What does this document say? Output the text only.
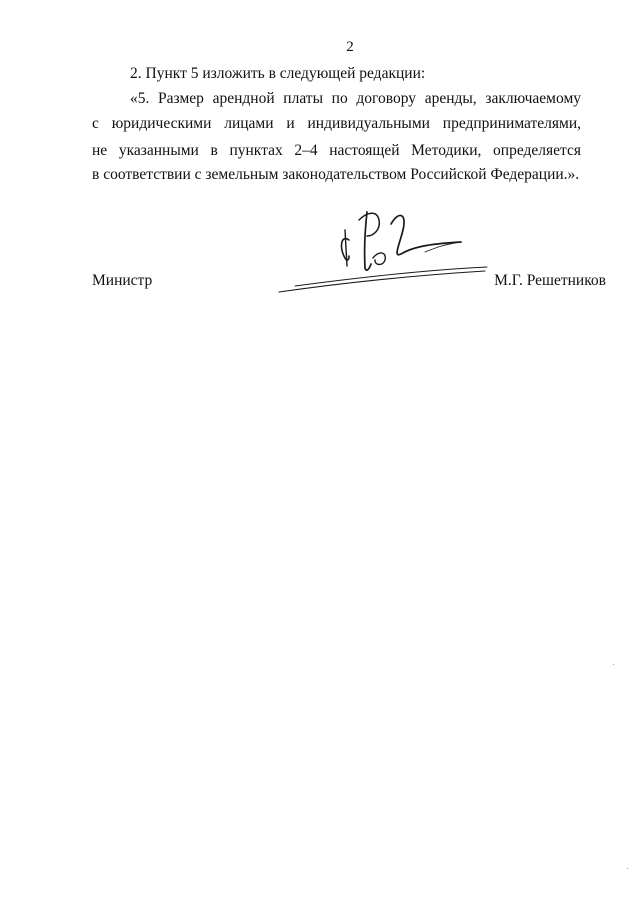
2
2. Пункт 5 изложить в следующей редакции:
«5. Размер арендной платы по договору аренды, заключаемому
с юридическими лицами и индивидуальными предпринимателями,
не указанными в пунктах 2–4 настоящей Методики, определяется
в соответствии с земельным законодательством Российской Федерации.».
Министр	М.Г. Решетников
